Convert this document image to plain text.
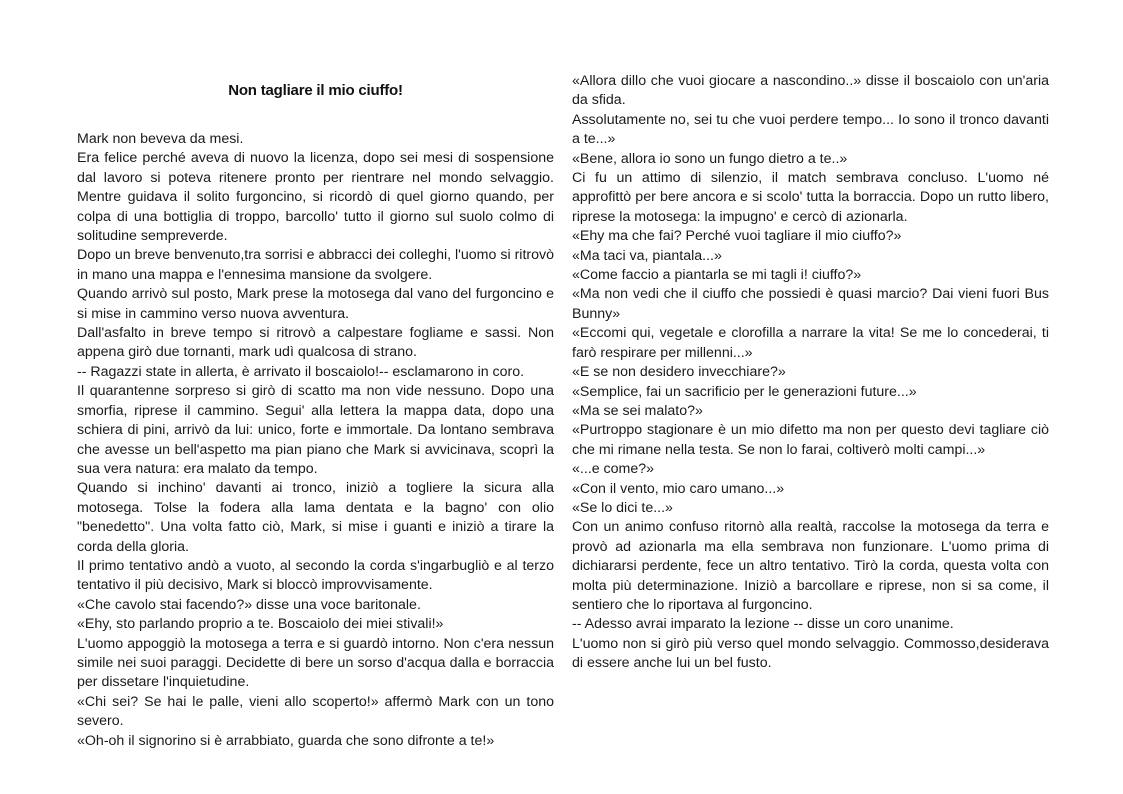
Non tagliare il mio ciuffo!

Mark non beveva da mesi.

Era felice perché aveva di nuovo la licenza, dopo sei mesi di sospensione dal lavoro si poteva ritenere pronto per rientrare nel mondo selvaggio. Mentre guidava il solito furgoncino, si ricordò di quel giorno quando, per colpa di una bottiglia di troppo, barcollo' tutto il giorno sul suolo colmo di solitudine sempreverde.

Dopo un breve benvenuto,tra sorrisi e abbracci dei colleghi, l'uomo si ritrovò in mano una mappa e l'ennesima mansione da svolgere.

Quando arrivò sul posto, Mark prese la motosega dal vano del furgoncino e si mise in cammino verso nuova avventura.

Dall'asfalto in breve tempo si ritrovò a calpestare fogliame e sassi. Non appena girò due tornanti, mark udì qualcosa di strano.

-- Ragazzi state in allerta, è arrivato il boscaiolo!-- esclamarono in coro.

Il quarantenne sorpreso si girò di scatto ma non vide nessuno. Dopo una smorfia, riprese il cammino. Segui' alla lettera la mappa data, dopo una schiera di pini, arrivò da lui: unico, forte e immortale. Da lontano sembrava che avesse un bell'aspetto ma pian piano che Mark si avvicinava, scoprì la sua vera natura: era malato da tempo.

Quando si inchino' davanti ai tronco, iniziò a togliere la sicura alla motosega. Tolse la fodera alla lama dentata e la bagno' con olio "benedetto". Una volta fatto ciò, Mark, si mise i guanti e iniziò a tirare la corda della gloria.

Il primo tentativo andò a vuoto, al secondo la corda s'ingarbugliò e al terzo tentativo il più decisivo, Mark si bloccò improvvisamente.

«Che cavolo stai facendo?» disse una voce baritonale.

«Ehy, sto parlando proprio a te. Boscaiolo dei miei stivali!»

L'uomo appoggiò la motosega a terra e si guardò intorno. Non c'era nessun simile nei suoi paraggi. Decidette di bere un sorso d'acqua dalla e borraccia per dissetare l'inquietudine.

«Chi sei? Se hai le palle, vieni allo scoperto!» affermò Mark con un tono severo.

«Oh-oh il signorino si è arrabbiato, guarda che sono difronte a te!»

«Allora dillo che vuoi giocare a nascondino..» disse il boscaiolo con un'aria da sfida.

Assolutamente no, sei tu che vuoi perdere tempo... Io sono il tronco davanti a te...»

«Bene, allora io sono un fungo dietro a te..»

Ci fu un attimo di silenzio, il match sembrava concluso. L'uomo né approfittò per bere ancora e si scolo' tutta la borraccia. Dopo un rutto libero, riprese la motosega: la impugno' e cercò di azionarla.

«Ehy ma che fai? Perché vuoi tagliare il mio ciuffo?»

«Ma taci va, piantala...»

«Come faccio a piantarla se mi tagli i! ciuffo?»

«Ma non vedi che il ciuffo che possiedi è quasi marcio? Dai vieni fuori Bus Bunny»

«Eccomi qui, vegetale e clorofilla a narrare la vita! Se me lo concederai, ti farò respirare per millenni...»

«E se non desidero invecchiare?»

«Semplice, fai un sacrificio per le generazioni future...»

«Ma se sei malato?»

«Purtroppo stagionare è un mio difetto ma non per questo devi tagliare ciò che mi rimane nella testa. Se non lo farai, coltiverò molti campi...»

«...e come?»

«Con il vento, mio caro umano...»

«Se lo dici te...»

Con un animo confuso ritornò alla realtà, raccolse la motosega da terra e provò ad azionarla ma ella sembrava non funzionare. L'uomo prima di dichiararsi perdente, fece un altro tentativo. Tirò la corda, questa volta con molta più determinazione. Iniziò a barcollare e riprese, non si sa come, il sentiero che lo riportava al furgoncino.

-- Adesso avrai imparato la lezione -- disse un coro unanime.

L'uomo non si girò più verso quel mondo selvaggio. Commosso,desiderava di essere anche lui un bel fusto.
